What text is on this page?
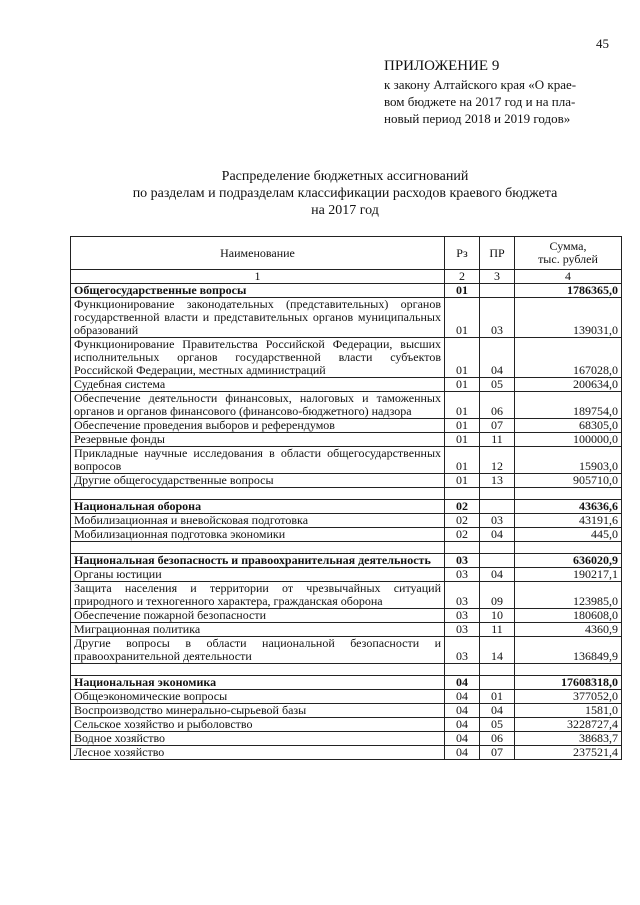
45
ПРИЛОЖЕНИЕ 9
к закону Алтайского края «О крае-
вом бюджете на 2017 год и на пла-
новый период 2018 и 2019 годов»
Распределение бюджетных ассигнований
по разделам и подразделам классификации расходов краевого бюджета
на 2017 год
Наименование	Рз	ПР	Сумма,
тыс. рублей

1	2	3	4
Общегосударственные вопросы	01		1786365,0
Функционирование законодательных (представительных) органов государственной власти и представительных органов муниципальных образований	01	03	139031,0
Функционирование Правительства Российской Федерации, высших исполнительных органов государственной власти субъектов Российской Федерации, местных администраций	01	04	167028,0
Судебная система	01	05	200634,0
Обеспечение деятельности финансовых, налоговых и таможенных органов и органов финансового (финансово-бюджетного) надзора	01	06	189754,0
Обеспечение проведения выборов и референдумов	01	07	68305,0
Резервные фонды	01	11	100000,0
Прикладные научные исследования в области общегосударственных вопросов	01	12	15903,0
Другие общегосударственные вопросы	01	13	905710,0

Национальная оборона	02		43636,6
Мобилизационная и вневойсковая подготовка	02	03	43191,6
Мобилизационная подготовка экономики	02	04	445,0

Национальная безопасность и правоохранительная деятельность	03		636020,9
Органы юстиции	03	04	190217,1
Защита населения и территории от чрезвычайных ситуаций природного и техногенного характера, гражданская оборона	03	09	123985,0
Обеспечение пожарной безопасности	03	10	180608,0
Миграционная политика	03	11	4360,9
Другие вопросы в области национальной безопасности и правоохранительной деятельности	03	14	136849,9

Национальная экономика	04		17608318,0
Общеэкономические вопросы	04	01	377052,0
Воспроизводство минерально-сырьевой базы	04	04	1581,0
Сельское хозяйство и рыболовство	04	05	3228727,4
Водное хозяйство	04	06	38683,7
Лесное хозяйство	04	07	237521,4
